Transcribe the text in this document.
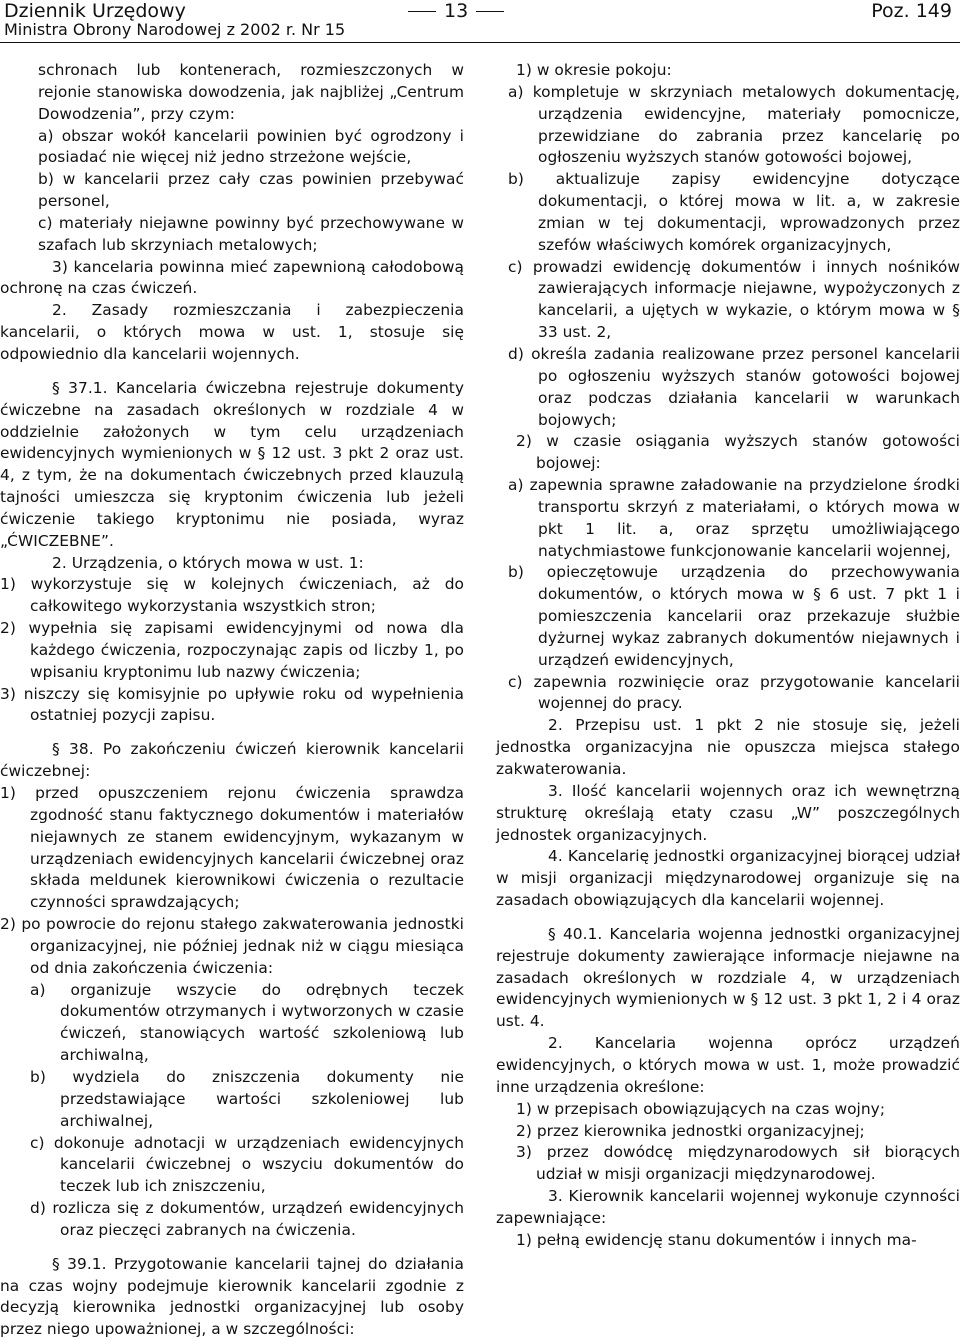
Dziennik Urzędowy
Ministra Obrony Narodowej z 2002 r. Nr 15
13	Poz. 149

schronach lub kontenerach, rozmieszczonych w rejonie stanowiska dowodzenia, jak najbliżej „Centrum Dowodzenia”, przy czym:

a) obszar wokół kancelarii powinien być ogrodzony i posiadać nie więcej niż jedno strzeżone wejście,

b) w kancelarii przez cały czas powinien przebywać personel,

c) materiały niejawne powinny być przechowywane w szafach lub skrzyniach metalowych;

3) kancelaria powinna mieć zapewnioną całodobową ochronę na czas ćwiczeń.

2. Zasady rozmieszczania i zabezpieczenia kancelarii, o których mowa w ust. 1, stosuje się odpowiednio dla kancelarii wojennych.

§ 37.1. Kancelaria ćwiczebna rejestruje dokumenty ćwiczebne na zasadach określonych w rozdziale 4 w oddzielnie założonych w tym celu urządzeniach ewidencyjnych wymienionych w § 12 ust. 3 pkt 2 oraz ust. 4, z tym, że na dokumentach ćwiczebnych przed klauzulą tajności umieszcza się kryptonim ćwiczenia lub jeżeli ćwiczenie takiego kryptonimu nie posiada, wyraz „ĆWICZEBNE”.

2. Urządzenia, o których mowa w ust. 1:

1) wykorzystuje się w kolejnych ćwiczeniach, aż do całkowitego wykorzystania wszystkich stron;

2) wypełnia się zapisami ewidencyjnymi od nowa dla każdego ćwiczenia, rozpoczynając zapis od liczby 1, po wpisaniu kryptonimu lub nazwy ćwiczenia;

3) niszczy się komisyjnie po upływie roku od wypełnienia ostatniej pozycji zapisu.

§ 38. Po zakończeniu ćwiczeń kierownik kancelarii ćwiczebnej:

1) przed opuszczeniem rejonu ćwiczenia sprawdza zgodność stanu faktycznego dokumentów i materiałów niejawnych ze stanem ewidencyjnym, wykazanym w urządzeniach ewidencyjnych kancelarii ćwiczebnej oraz składa meldunek kierownikowi ćwiczenia o rezultacie czynności sprawdzających;

2) po powrocie do rejonu stałego zakwaterowania jednostki organizacyjnej, nie później jednak niż w ciągu miesiąca od dnia zakończenia ćwiczenia:

a) organizuje wszycie do odrębnych teczek dokumentów otrzymanych i wytworzonych w czasie ćwiczeń, stanowiących wartość szkoleniową lub archiwalną,

b) wydziela do zniszczenia dokumenty nie przedstawiające wartości szkoleniowej lub archiwalnej,

c) dokonuje adnotacji w urządzeniach ewidencyjnych kancelarii ćwiczebnej o wszyciu dokumentów do teczek lub ich zniszczeniu,

d) rozlicza się z dokumentów, urządzeń ewidencyjnych oraz pieczęci zabranych na ćwiczenia.

§ 39.1. Przygotowanie kancelarii tajnej do działania na czas wojny podejmuje kierownik kancelarii zgodnie z decyzją kierownika jednostki organizacyjnej lub osoby przez niego upoważnionej, a w szczególności:

1) w okresie pokoju:

a) kompletuje w skrzyniach metalowych dokumentację, urządzenia ewidencyjne, materiały pomocnicze, przewidziane do zabrania przez kancelarię po ogłoszeniu wyższych stanów gotowości bojowej,

b) aktualizuje zapisy ewidencyjne dotyczące dokumentacji, o której mowa w lit. a, w zakresie zmian w tej dokumentacji, wprowadzonych przez szefów właściwych komórek organizacyjnych,

c) prowadzi ewidencję dokumentów i innych nośników zawierających informacje niejawne, wypożyczonych z kancelarii, a ujętych w wykazie, o którym mowa w § 33 ust. 2,

d) określa zadania realizowane przez personel kancelarii po ogłoszeniu wyższych stanów gotowości bojowej oraz podczas działania kancelarii w warunkach bojowych;

2) w czasie osiągania wyższych stanów gotowości bojowej:

a) zapewnia sprawne załadowanie na przydzielone środki transportu skrzyń z materiałami, o których mowa w pkt 1 lit. a, oraz sprzętu umożliwiającego natychmiastowe funkcjonowanie kancelarii wojennej,

b) opieczętowuje urządzenia do przechowywania dokumentów, o których mowa w § 6 ust. 7 pkt 1 i pomieszczenia kancelarii oraz przekazuje służbie dyżurnej wykaz zabranych dokumentów niejawnych i urządzeń ewidencyjnych,

c) zapewnia rozwinięcie oraz przygotowanie kancelarii wojennej do pracy.

2. Przepisu ust. 1 pkt 2 nie stosuje się, jeżeli jednostka organizacyjna nie opuszcza miejsca stałego zakwaterowania.

3. Ilość kancelarii wojennych oraz ich wewnętrzną strukturę określają etaty czasu „W” poszczególnych jednostek organizacyjnych.

4. Kancelarię jednostki organizacyjnej biorącej udział w misji organizacji międzynarodowej organizuje się na zasadach obowiązujących dla kancelarii wojennej.

§ 40.1. Kancelaria wojenna jednostki organizacyjnej rejestruje dokumenty zawierające informacje niejawne na zasadach określonych w rozdziale 4, w urządzeniach ewidencyjnych wymienionych w § 12 ust. 3 pkt 1, 2 i 4 oraz ust. 4.

2. Kancelaria wojenna oprócz urządzeń ewidencyjnych, o których mowa w ust. 1, może prowadzić inne urządzenia określone:

1) w przepisach obowiązujących na czas wojny;

2) przez kierownika jednostki organizacyjnej;

3) przez dowódcę międzynarodowych sił biorących udział w misji organizacji międzynarodowej.

3. Kierownik kancelarii wojennej wykonuje czynności zapewniające:

1) pełną ewidencję stanu dokumentów i innych ma-
